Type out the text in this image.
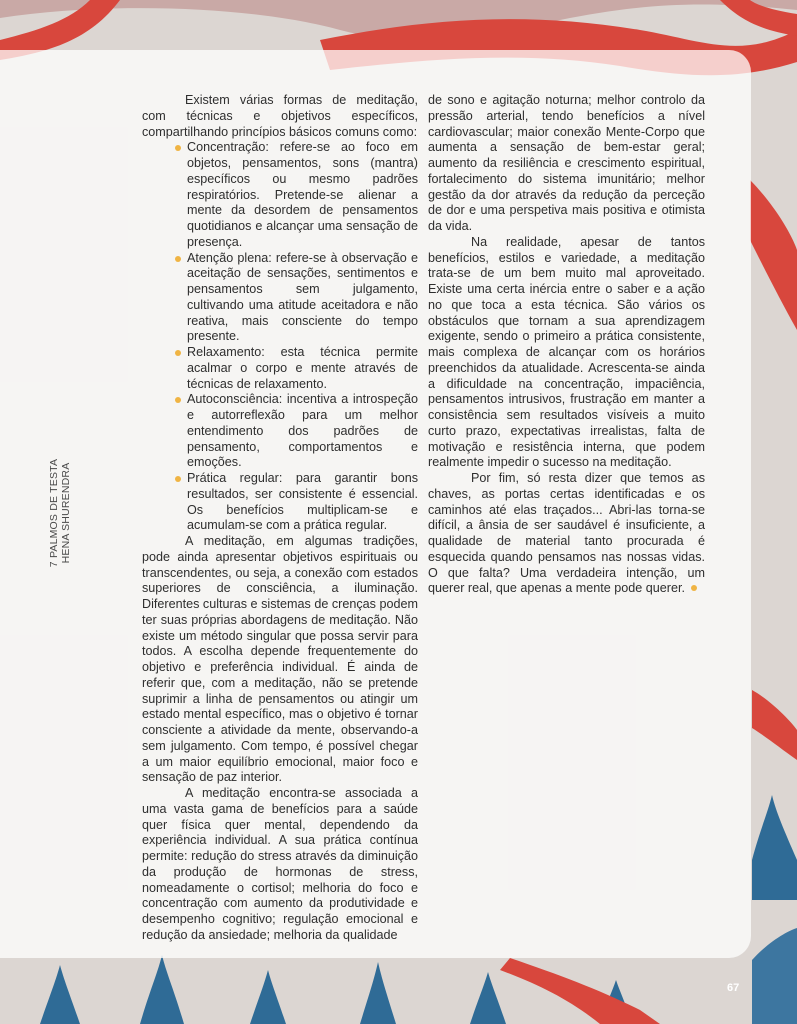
7 PALMOS DE TESTA HENA SHURENDRA

Existem várias formas de meditação, com técnicas e objetivos específicos, compartilhando princípios básicos comuns como:

Concentração: refere-se ao foco em objetos, pensamentos, sons (mantra) específicos ou mesmo padrões respiratórios. Pretende-se alienar a mente da desordem de pensamentos quotidianos e alcançar uma sensação de presença.
Atenção plena: refere-se à observação e aceitação de sensações, sentimentos e pensamentos sem julgamento, cultivando uma atitude aceitadora e não reativa, mais consciente do tempo presente.
Relaxamento: esta técnica permite acalmar o corpo e mente através de técnicas de relaxamento.
Autoconsciência: incentiva a introspeção e autorreflexão para um melhor entendimento dos padrões de pensamento, comportamentos e emoções.
Prática regular: para garantir bons resultados, ser consistente é essencial. Os benefícios multiplicam-se e acumulam-se com a prática regular.

A meditação, em algumas tradições, pode ainda apresentar objetivos espirituais ou transcendentes, ou seja, a conexão com estados superiores de consciência, a iluminação. Diferentes culturas e sistemas de crenças podem ter suas próprias abordagens de meditação. Não existe um método singular que possa servir para todos. A escolha depende frequentemente do objetivo e preferência individual. É ainda de referir que, com a meditação, não se pretende suprimir a linha de pensamentos ou atingir um estado mental específico, mas o objetivo é tornar consciente a atividade da mente, observando-a sem julgamento. Com tempo, é possível chegar a um maior equilíbrio emocional, maior foco e sensação de paz interior.

A meditação encontra-se associada a uma vasta gama de benefícios para a saúde quer física quer mental, dependendo da experiência individual. A sua prática contínua permite: redução do stress através da diminuição da produção de hormonas de stress, nomeadamente o cortisol; melhoria do foco e concentração com aumento da produtividade e desempenho cognitivo; regulação emocional e redução da ansiedade; melhoria da qualidade

de sono e agitação noturna; melhor controlo da pressão arterial, tendo benefícios a nível cardiovascular; maior conexão Mente-Corpo que aumenta a sensação de bem-estar geral; aumento da resiliência e crescimento espiritual, fortalecimento do sistema imunitário; melhor gestão da dor através da redução da perceção de dor e uma perspetiva mais positiva e otimista da vida.

Na realidade, apesar de tantos benefícios, estilos e variedade, a meditação trata-se de um bem muito mal aproveitado. Existe uma certa inércia entre o saber e a ação no que toca a esta técnica. São vários os obstáculos que tornam a sua aprendizagem exigente, sendo o primeiro a prática consistente, mais complexa de alcançar com os horários preenchidos da atualidade. Acrescenta-se ainda a dificuldade na concentração, impaciência, pensamentos intrusivos, frustração em manter a consistência sem resultados visíveis a muito curto prazo, expectativas irrealistas, falta de motivação e resistência interna, que podem realmente impedir o sucesso na meditação.

Por fim, só resta dizer que temos as chaves, as portas certas identificadas e os caminhos até elas traçados... Abri-las torna-se difícil, a ânsia de ser saudável é insuficiente, a qualidade de material tanto procurada é esquecida quando pensamos nas nossas vidas. O que falta? Uma verdadeira intenção, um querer real, que apenas a mente pode querer.

67
